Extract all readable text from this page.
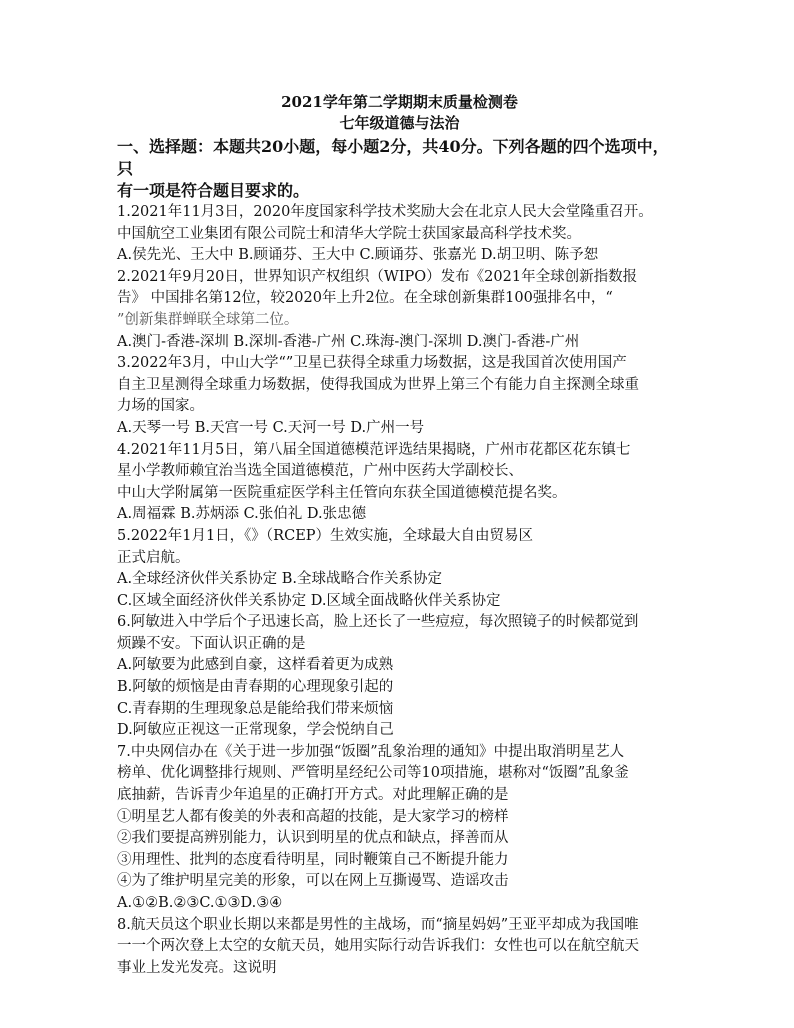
2021学年第二学期期末质量检测卷

七年级道德与法治

一、选择题：本题共20小题，每小题2分，共40分。下列各题的四个选项中，只

有一项是符合题目要求的。

1.2021年11月3日，2020年度国家科学技术奖励大会在北京人民大会堂隆重召开。

中国航空工业集团有限公司院士和清华大学院士获国家最高科学技术奖。

A.侯先光、王大中 B.顾诵芬、王大中 C.顾诵芬、张嘉光 D.胡卫明、陈予恕

2.2021年9月20日，世界知识产权组织（WIPO）发布《2021年全球创新指数报

告》 中国排名第12位，较2020年上升2位。在全球创新集群100强排名中，“

”创新集群蝉联全球第二位。

A.澳门-香港-深圳 B.深圳-香港-广州 C.珠海-澳门-深圳 D.澳门-香港-广州

3.2022年3月，中山大学“”卫星已获得全球重力场数据，这是我国首次使用国产

自主卫星测得全球重力场数据，使得我国成为世界上第三个有能力自主探测全球重

力场的国家。

A.天琴一号 B.天宫一号 C.天河一号 D.广州一号

4.2021年11月5日，第八届全国道德模范评选结果揭晓，广州市花都区花东镇七

星小学教师赖宜治当选全国道德模范，广州中医药大学副校长、

中山大学附属第一医院重症医学科主任管向东获全国道德模范提名奖。

A.周福霖 B.苏炳添 C.张伯礼 D.张忠德

5.2022年1月1日，《》（RCEP）生效实施，全球最大自由贸易区

正式启航。

A.全球经济伙伴关系协定 B.全球战略合作关系协定

C.区域全面经济伙伴关系协定 D.区域全面战略伙伴关系协定

6.阿敏进入中学后个子迅速长高，脸上还长了一些痘痘，每次照镜子的时候都觉到

烦躁不安。下面认识正确的是

A.阿敏要为此感到自豪，这样看着更为成熟

B.阿敏的烦恼是由青春期的心理现象引起的

C.青春期的生理现象总是能给我们带来烦恼

D.阿敏应正视这一正常现象，学会悦纳自己

7.中央网信办在《关于进一步加强“饭圈”乱象治理的通知》中提出取消明星艺人

榜单、优化调整排行规则、严管明星经纪公司等10项措施，堪称对“饭圈”乱象釜

底抽薪，告诉青少年追星的正确打开方式。对此理解正确的是

①明星艺人都有俊美的外表和高超的技能，是大家学习的榜样

②我们要提高辨别能力，认识到明星的优点和缺点，择善而从

③用理性、批判的态度看待明星，同时鞭策自己不断提升能力

④为了维护明星完美的形象，可以在网上互撕谩骂、造谣攻击

A.①②B.②③C.①③D.③④

8.航天员这个职业长期以来都是男性的主战场，而“摘星妈妈”王亚平却成为我国唯

一一个两次登上太空的女航天员，她用实际行动告诉我们：女性也可以在航空航天

事业上发光发亮。这说明
